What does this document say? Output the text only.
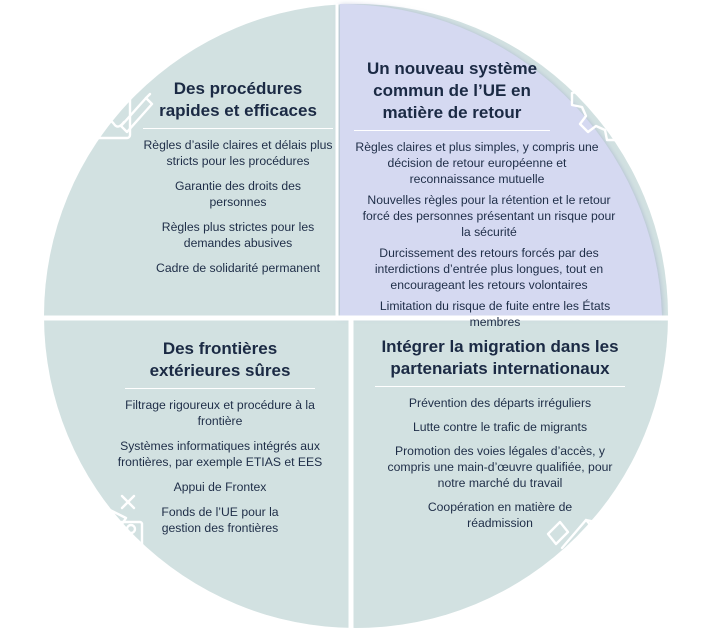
Des procédures rapides et efficaces
Règles d’asile claires et délais plus stricts pour les procédures
Garantie des droits des personnes
Règles plus strictes pour les demandes abusives
Cadre de solidarité permanent
Un nouveau système commun de l’UE en matière de retour
Règles claires et plus simples, y compris une décision de retour européenne et reconnaissance mutuelle
Nouvelles règles pour la rétention et le retour forcé des personnes présentant un risque pour la sécurité
Durcissement des retours forcés par des interdictions d’entrée plus longues, tout en encourageant les retours volontaires
Limitation du risque de fuite entre les États membres
Des frontières extérieures sûres
Filtrage rigoureux et procédure à la frontière
Systèmes informatiques intégrés aux frontières, par exemple ETIAS et EES
Appui de Frontex
Fonds de l’UE pour la gestion des frontières
Intégrer la migration dans les partenariats internationaux
Prévention des départs irréguliers
Lutte contre le trafic de migrants
Promotion des voies légales d’accès, y compris une main-d’œuvre qualifiée, pour notre marché du travail
Coopération en matière de réadmission
